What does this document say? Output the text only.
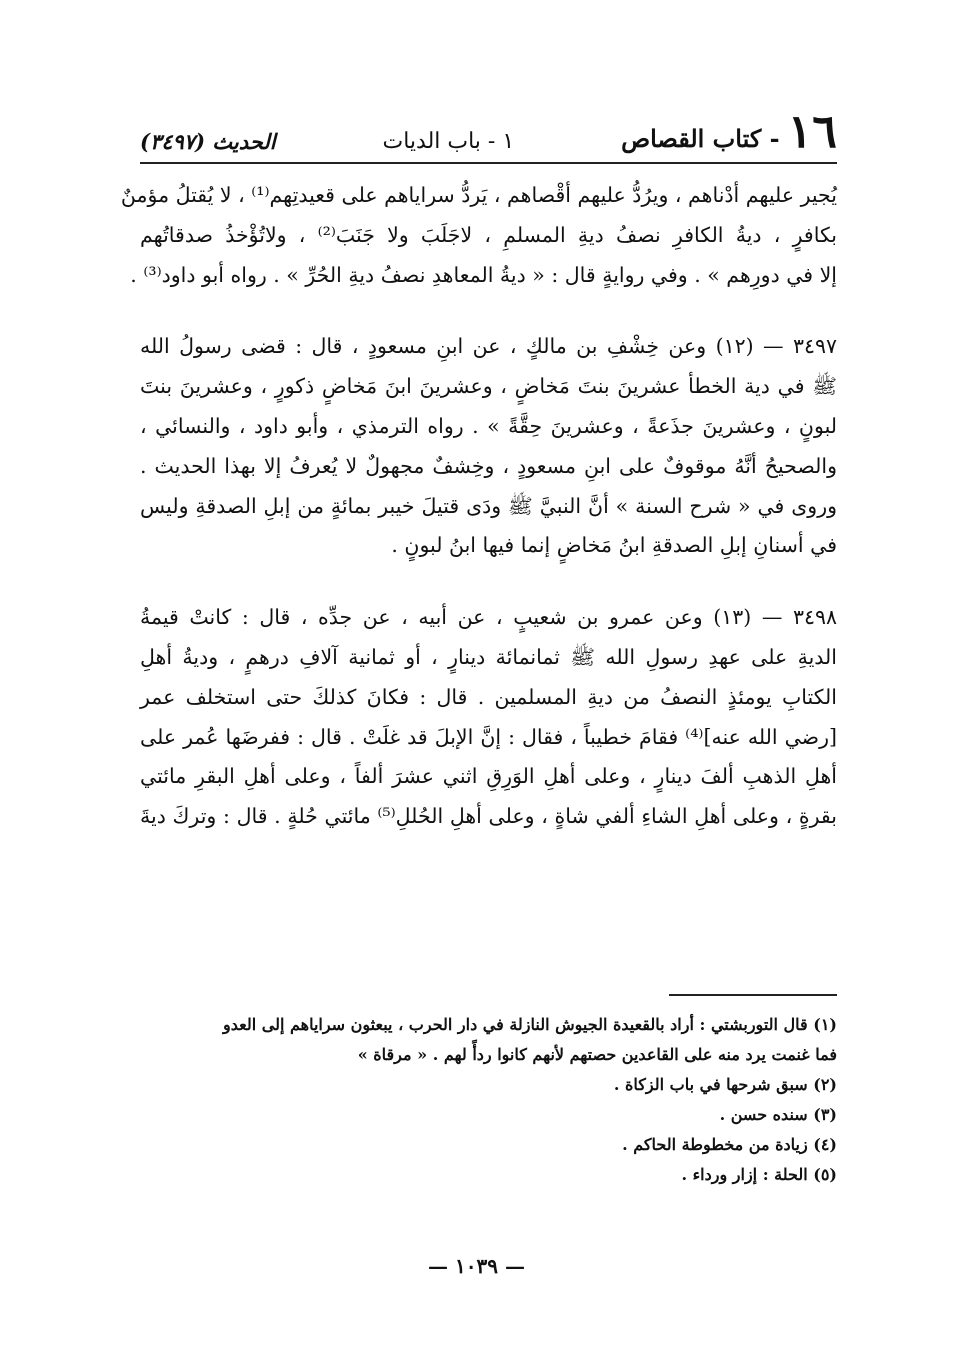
١٦
- كتاب القصاص
١ - باب الديات
الحديث (٣٤٩٧)
يُجير عليهم أدْناهم ، ويرُدُّ عليهم أقْصاهم ، يَردُّ سراياهم على قعيدتِهم⁽¹⁾ ، لا يُقتلُ مؤمنٌ
بكافرٍ ، ديةُ الكافرِ نصفُ ديةِ المسلمِ ، لاجَلَبَ ولا جَنَبَ⁽²⁾ ، ولاتُؤْخذُ صدقاتُهم
إلا في دورِهم » . وفي روايةٍ قال : « ديةُ المعاهدِ نصفُ ديةِ الحُرِّ » . رواه أبو داود⁽³⁾ .
٣٤٩٧ — (١٢) وعن خِشْفِ بن مالكٍ ، عن ابنِ مسعودٍ ، قال : قضى رسولُ الله
ﷺ في دية الخطأ عشرينَ بنتَ مَخاضٍ ، وعشرينَ ابنَ مَخاضٍ ذكورٍ ، وعشرينَ بنتَ
لبونٍ ، وعشرينَ جذَعةً ، وعشرينَ حِقَّةً » . رواه الترمذي ، وأبو داود ، والنسائي ،
والصحيحُ أنَّهُ موقوفٌ على ابنِ مسعودٍ ، وخِشفٌ مجهولٌ لا يُعرفُ إلا بهذا الحديث .
وروى في « شرح السنة » أنَّ النبيَّ ﷺ ودَى قتيلَ خيبر بمائةٍ من إبلِ الصدقةِ وليس
في أسنانِ إبلِ الصدقةِ ابنُ مَخاضٍ إنما فيها ابنُ لبونٍ .
٣٤٩٨ — (١٣) وعن عمرو بن شعيبٍ ، عن أبيه ، عن جدِّه ، قال : كانتْ قيمةُ
الديةِ على عهدِ رسولِ الله ﷺ ثمانمائة دينارٍ ، أو ثمانية آلافِ درهمٍ ، وديةُ أهلِ
الكتابِ يومئذٍ النصفُ من ديةِ المسلمين . قال : فكانَ كذلكَ حتى استخلف عمر
[رضي الله عنه]⁽⁴⁾ فقامَ خطيباً ، فقال : إنَّ الإبلَ قد غلَتْ . قال : ففرضَها عُمر على
أهلِ الذهبِ ألفَ دينارٍ ، وعلى أهلِ الوَرِقِ اثني عشرَ ألفاً ، وعلى أهلِ البقرِ مائتي
بقرةٍ ، وعلى أهلِ الشاءِ ألفي شاةٍ ، وعلى أهلِ الحُللِ⁽⁵⁾ مائتي حُلةٍ . قال : وتركَ ديةَ
(١) قال التوربشتي : أراد بالقعيدة الجيوش النازلة في دار الحرب ، يبعثون سراياهم إلى العدو
فما غنمت يرد منه على القاعدين حصتهم لأنهم كانوا ردأً لهم . « مرقاة »
(٢) سبق شرحها في باب الزكاة .
(٣) سنده حسن .
(٤) زيادة من مخطوطة الحاكم .
(٥) الحلة : إزار ورداء .
— ١٠٣٩ —
